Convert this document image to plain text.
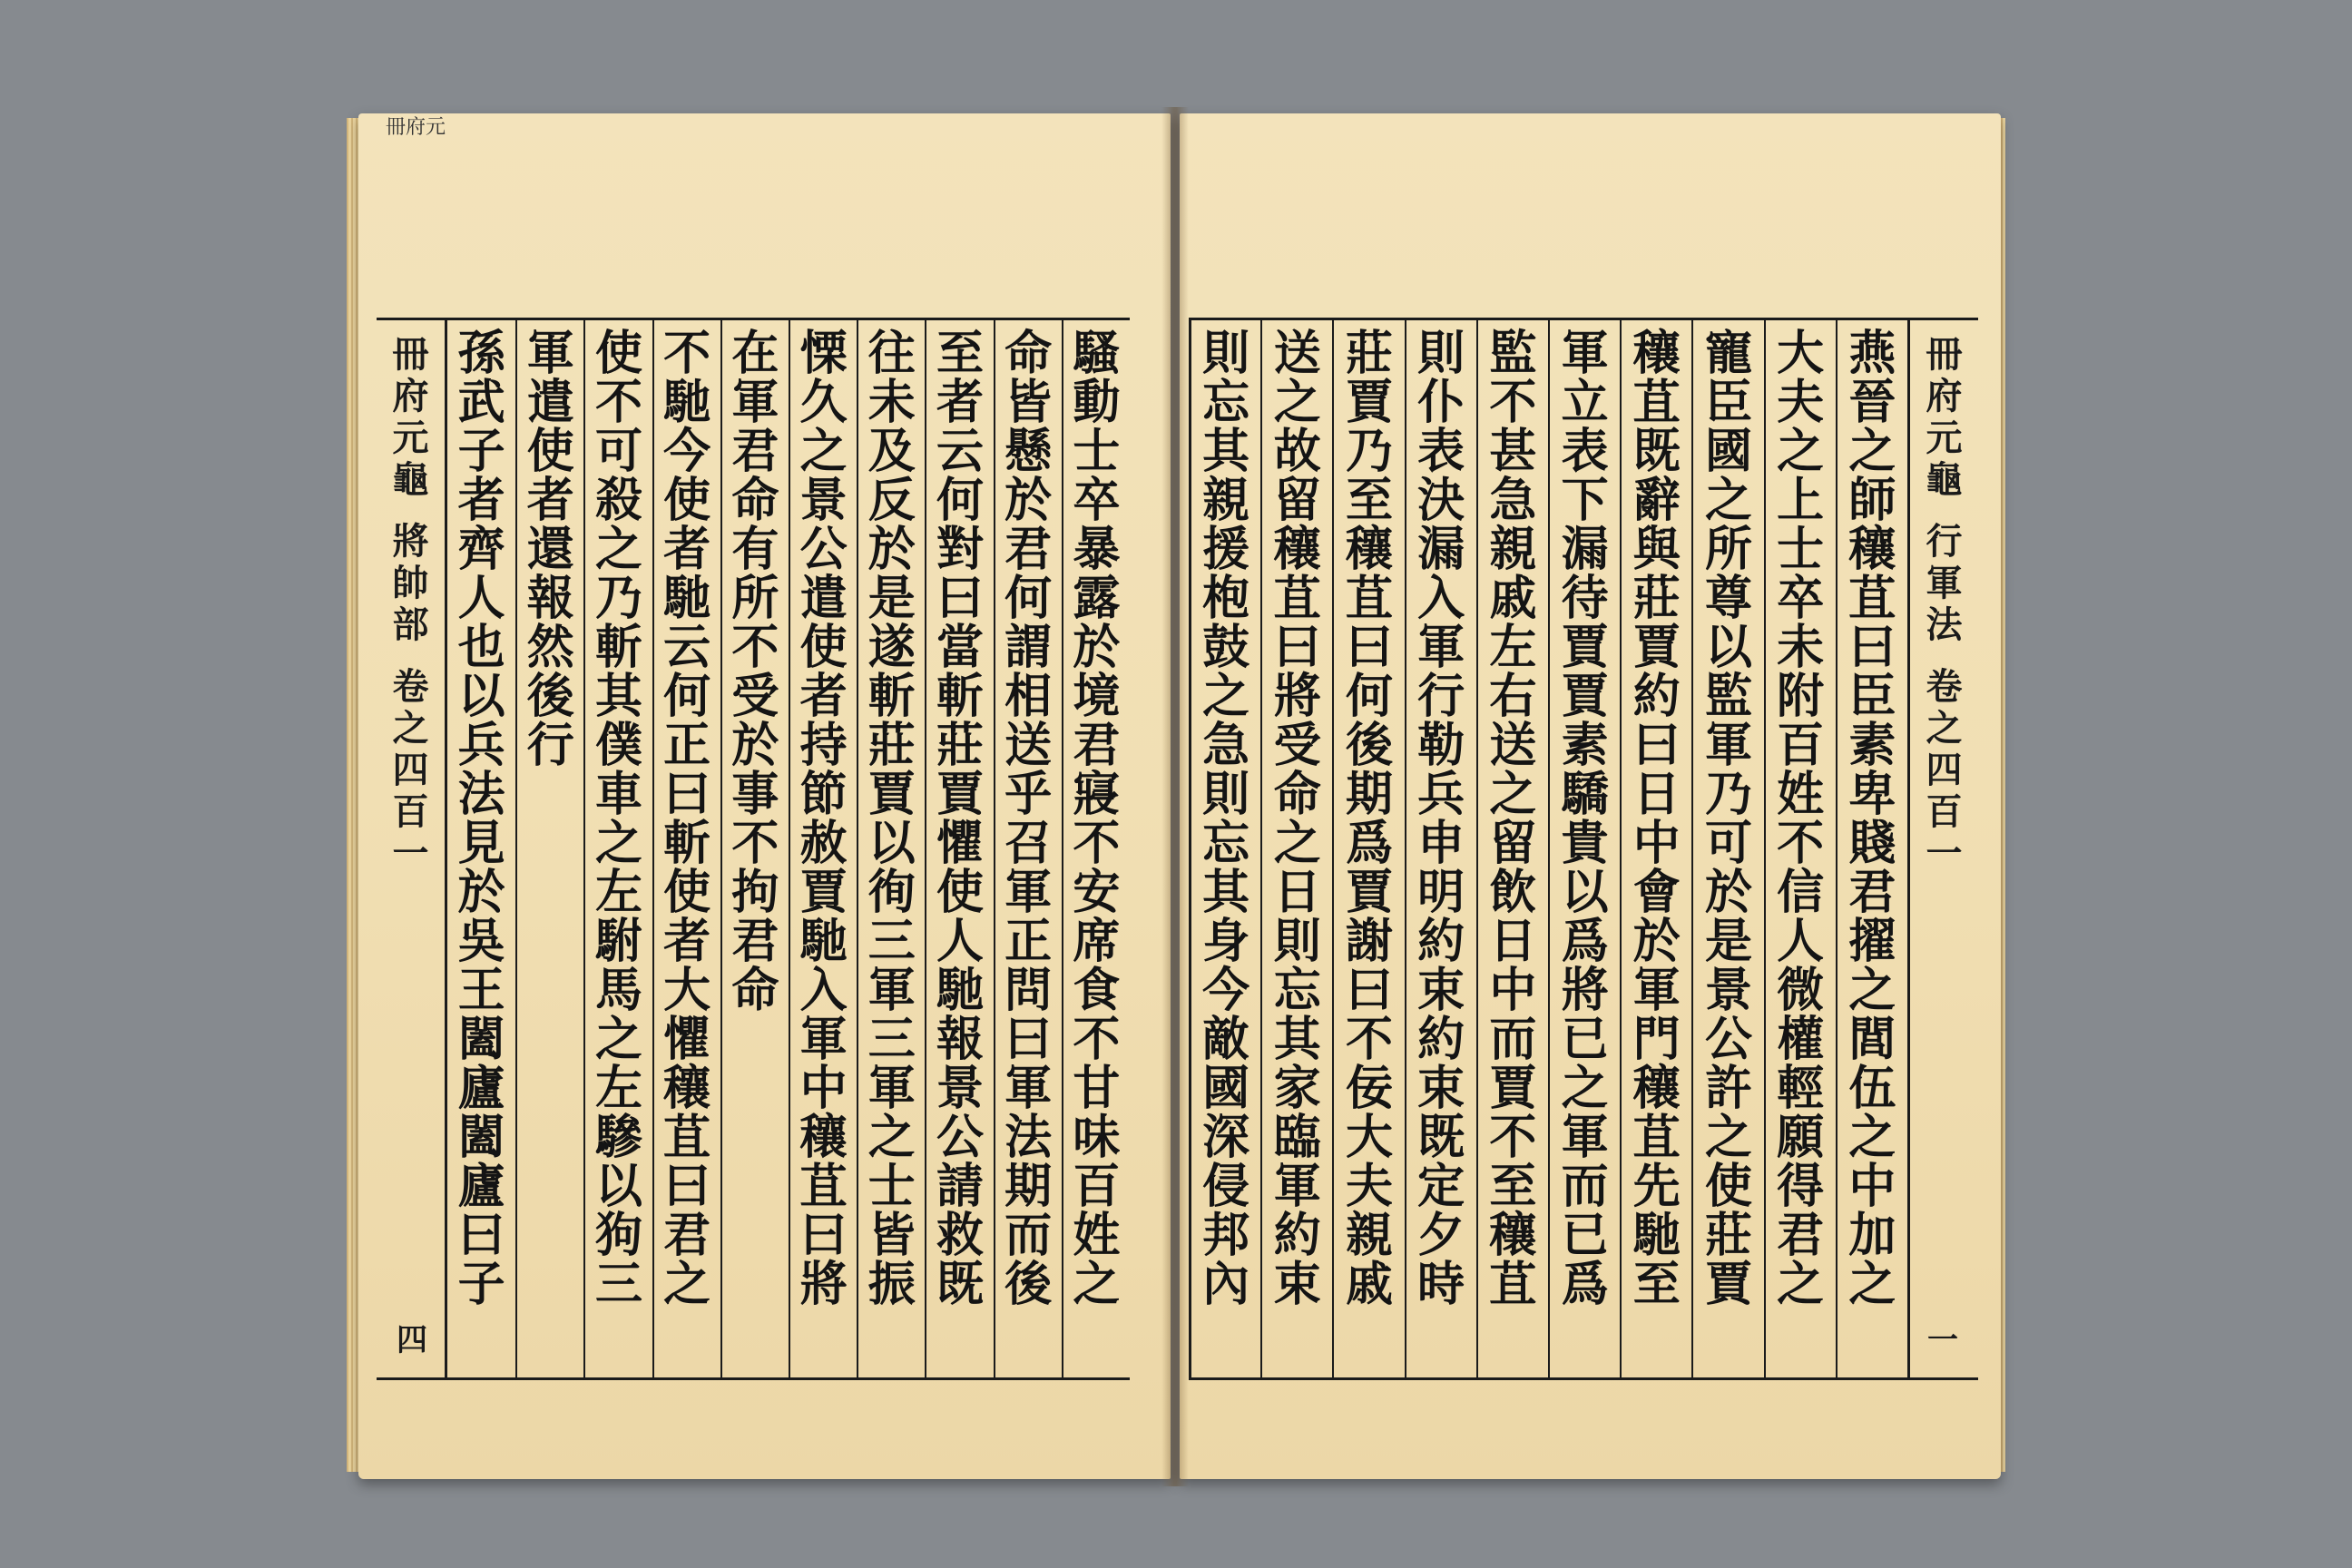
冊府元
冊
府
元
龜
將
帥
部
卷
之
四
百
一
四
孫
武
子
者
齊
人
也
以
兵
法
見
於
吳
王
闔
廬
闔
廬
曰
子
軍
遣
使
者
還
報
然
後
行
使
不
可
殺
之
乃
斬
其
僕
車
之
左
駙
馬
之
左
驂
以
狗
三
不
馳
今
使
者
馳
云
何
正
曰
斬
使
者
大
懼
穰
苴
曰
君
之
在
軍
君
命
有
所
不
受
於
事
不
拘
君
命
慄
久
之
景
公
遣
使
者
持
節
赦
賈
馳
入
軍
中
穰
苴
曰
將
往
未
及
反
於
是
遂
斬
莊
賈
以
徇
三
軍
三
軍
之
士
皆
振
至
者
云
何
對
曰
當
斬
莊
賈
懼
使
人
馳
報
景
公
請
救
既
命
皆
懸
於
君
何
謂
相
送
乎
召
軍
正
問
曰
軍
法
期
而
後
騷
動
士
卒
暴
露
於
境
君
寢
不
安
席
食
不
甘
味
百
姓
之
則
忘
其
親
援
枹
鼓
之
急
則
忘
其
身
今
敵
國
深
侵
邦
內
送
之
故
留
穰
苴
曰
將
受
命
之
日
則
忘
其
家
臨
軍
約
束
莊
賈
乃
至
穰
苴
曰
何
後
期
爲
賈
謝
曰
不
佞
大
夫
親
戚
則
仆
表
決
漏
入
軍
行
勒
兵
申
明
約
束
約
束
既
定
夕
時
監
不
甚
急
親
戚
左
右
送
之
留
飲
日
中
而
賈
不
至
穰
苴
軍
立
表
下
漏
待
賈
賈
素
驕
貴
以
爲
將
已
之
軍
而
已
爲
穰
苴
既
辭
與
莊
賈
約
曰
日
中
會
於
軍
門
穰
苴
先
馳
至
寵
臣
國
之
所
尊
以
監
軍
乃
可
於
是
景
公
許
之
使
莊
賈
大
夫
之
上
士
卒
未
附
百
姓
不
信
人
微
權
輕
願
得
君
之
燕
晉
之
師
穰
苴
曰
臣
素
卑
賤
君
擢
之
閭
伍
之
中
加
之
冊
府
元
龜
行
軍
法
卷
之
四
百
一
一
